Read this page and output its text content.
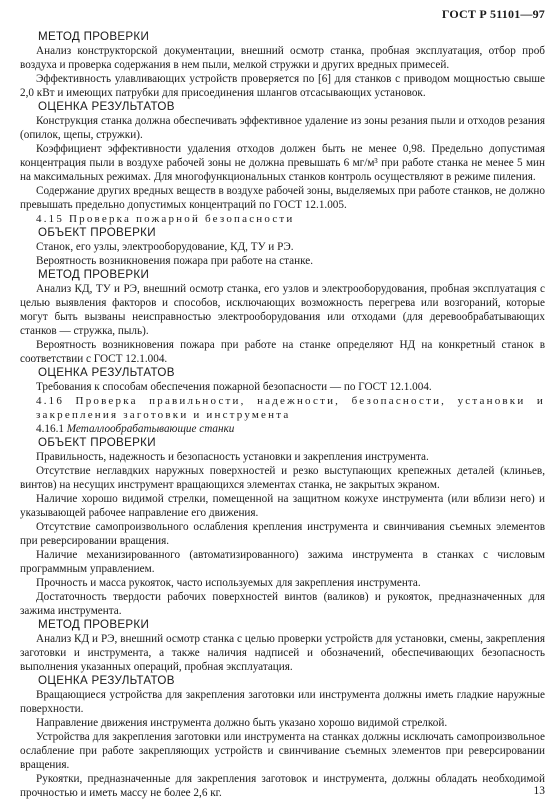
ГОСТ Р 51101—97

МЕТОД ПРОВЕРКИ

Анализ конструкторской документации, внешний осмотр станка, пробная эксплуатация, отбор проб воздуха и проверка содержания в нем пыли, мелкой стружки и других вредных примесей.

Эффективность улавливающих устройств проверяется по [6] для станков с приводом мощностью свыше 2,0 кВт и имеющих патрубки для присоединения шлангов отсасывающих установок.

ОЦЕНКА РЕЗУЛЬТАТОВ

Конструкция станка должна обеспечивать эффективное удаление из зоны резания пыли и отходов резания (опилок, щепы, стружки).

Коэффициент эффективности удаления отходов должен быть не менее 0,98. Предельно допустимая концентрация пыли в воздухе рабочей зоны не должна превышать 6 мг/м³ при работе станка не менее 5 мин на максимальных режимах. Для многофункциональных станков контроль осуществляют в режиме пиления.

Содержание других вредных веществ в воздухе рабочей зоны, выделяемых при работе станков, не должно превышать предельно допустимых концентраций по ГОСТ 12.1.005.

4.15 Проверка пожарной безопасности

ОБЪЕКТ ПРОВЕРКИ

Станок, его узлы, электрооборудование, КД, ТУ и РЭ.

Вероятность возникновения пожара при работе на станке.

МЕТОД ПРОВЕРКИ

Анализ КД, ТУ и РЭ, внешний осмотр станка, его узлов и электрооборудования, пробная эксплуатация с целью выявления факторов и способов, исключающих возможность перегрева или возгораний, которые могут быть вызваны неисправностью электрооборудования или отходами (для деревообрабатывающих станков — стружка, пыль).

Вероятность возникновения пожара при работе на станке определяют НД на конкретный станок в соответствии с ГОСТ 12.1.004.

ОЦЕНКА РЕЗУЛЬТАТОВ

Требования к способам обеспечения пожарной безопасности — по ГОСТ 12.1.004.

4.16 Проверка правильности, надежности, безопасности, установки и закрепления заготовки и инструмента

4.16.1 Металлообрабатывающие станки

ОБЪЕКТ ПРОВЕРКИ

Правильность, надежность и безопасность установки и закрепления инструмента.

Отсутствие неглавдких наружных поверхностей и резко выступающих крепежных деталей (клиньев, винтов) на несущих инструмент вращающихся элементах станка, не закрытых экраном.

Наличие хорошо видимой стрелки, помещенной на защитном кожухе инструмента (или вблизи него) и указывающей рабочее направление его движения.

Отсутствие самопроизвольного ослабления крепления инструмента и свинчивания съемных элементов при реверсировании вращения.

Наличие механизированного (автоматизированного) зажима инструмента в станках с числовым программным управлением.

Прочность и масса рукояток, часто используемых для закрепления инструмента.

Достаточность твердости рабочих поверхностей винтов (валиков) и рукояток, предназначенных для зажима инструмента.

МЕТОД ПРОВЕРКИ

Анализ КД и РЭ, внешний осмотр станка с целью проверки устройств для установки, смены, закрепления заготовки и инструмента, а также наличия надписей и обозначений, обеспечивающих безопасность выполнения указанных операций, пробная эксплуатация.

ОЦЕНКА РЕЗУЛЬТАТОВ

Вращающиеся устройства для закрепления заготовки или инструмента должны иметь гладкие наружные поверхности.

Направление движения инструмента должно быть указано хорошо видимой стрелкой.

Устройства для закрепления заготовки или инструмента на станках должны исключать самопроизвольное ослабление при работе закрепляющих устройств и свинчивание съемных элементов при реверсировании вращения.

Рукоятки, предназначенные для закрепления заготовок и инструмента, должны обладать необходимой прочностью и иметь массу не более 2,6 кг.	13
